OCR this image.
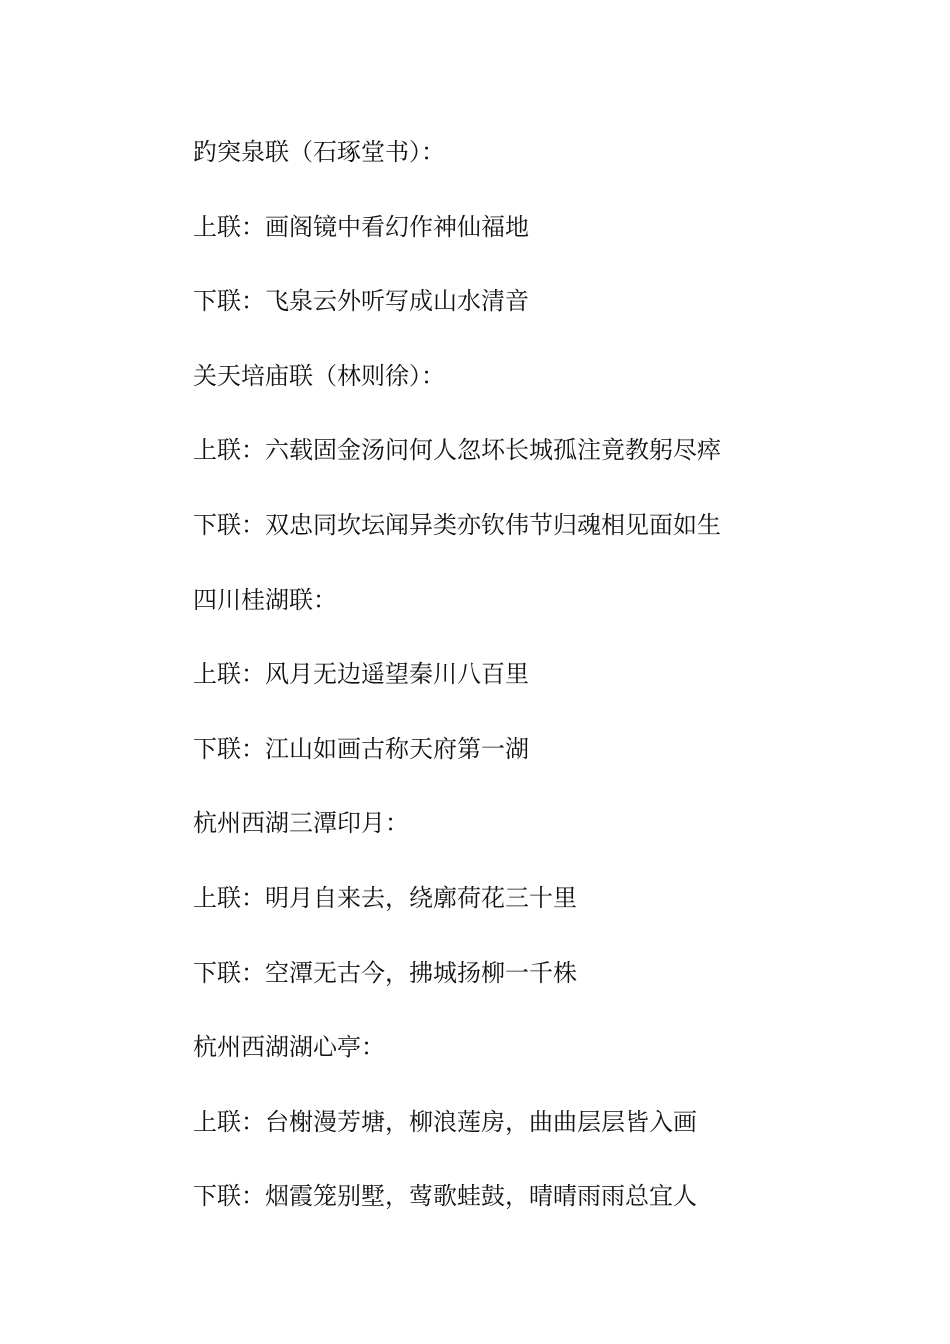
趵突泉联（石琢堂书）：
上联：画阁镜中看幻作神仙福地
下联：飞泉云外听写成山水清音
关天培庙联（林则徐）：
上联：六载固金汤问何人忽坏长城孤注竟教躬尽瘁
下联：双忠同坎坛闻异类亦钦伟节归魂相见面如生
四川桂湖联：
上联：风月无边遥望秦川八百里
下联：江山如画古称天府第一湖
杭州西湖三潭印月：
上联：明月自来去，绕廓荷花三十里
下联：空潭无古今，拂城扬柳一千株
杭州西湖湖心亭：
上联：台榭漫芳塘，柳浪莲房，曲曲层层皆入画
下联：烟霞笼别墅，莺歌蛙鼓，晴晴雨雨总宜人
